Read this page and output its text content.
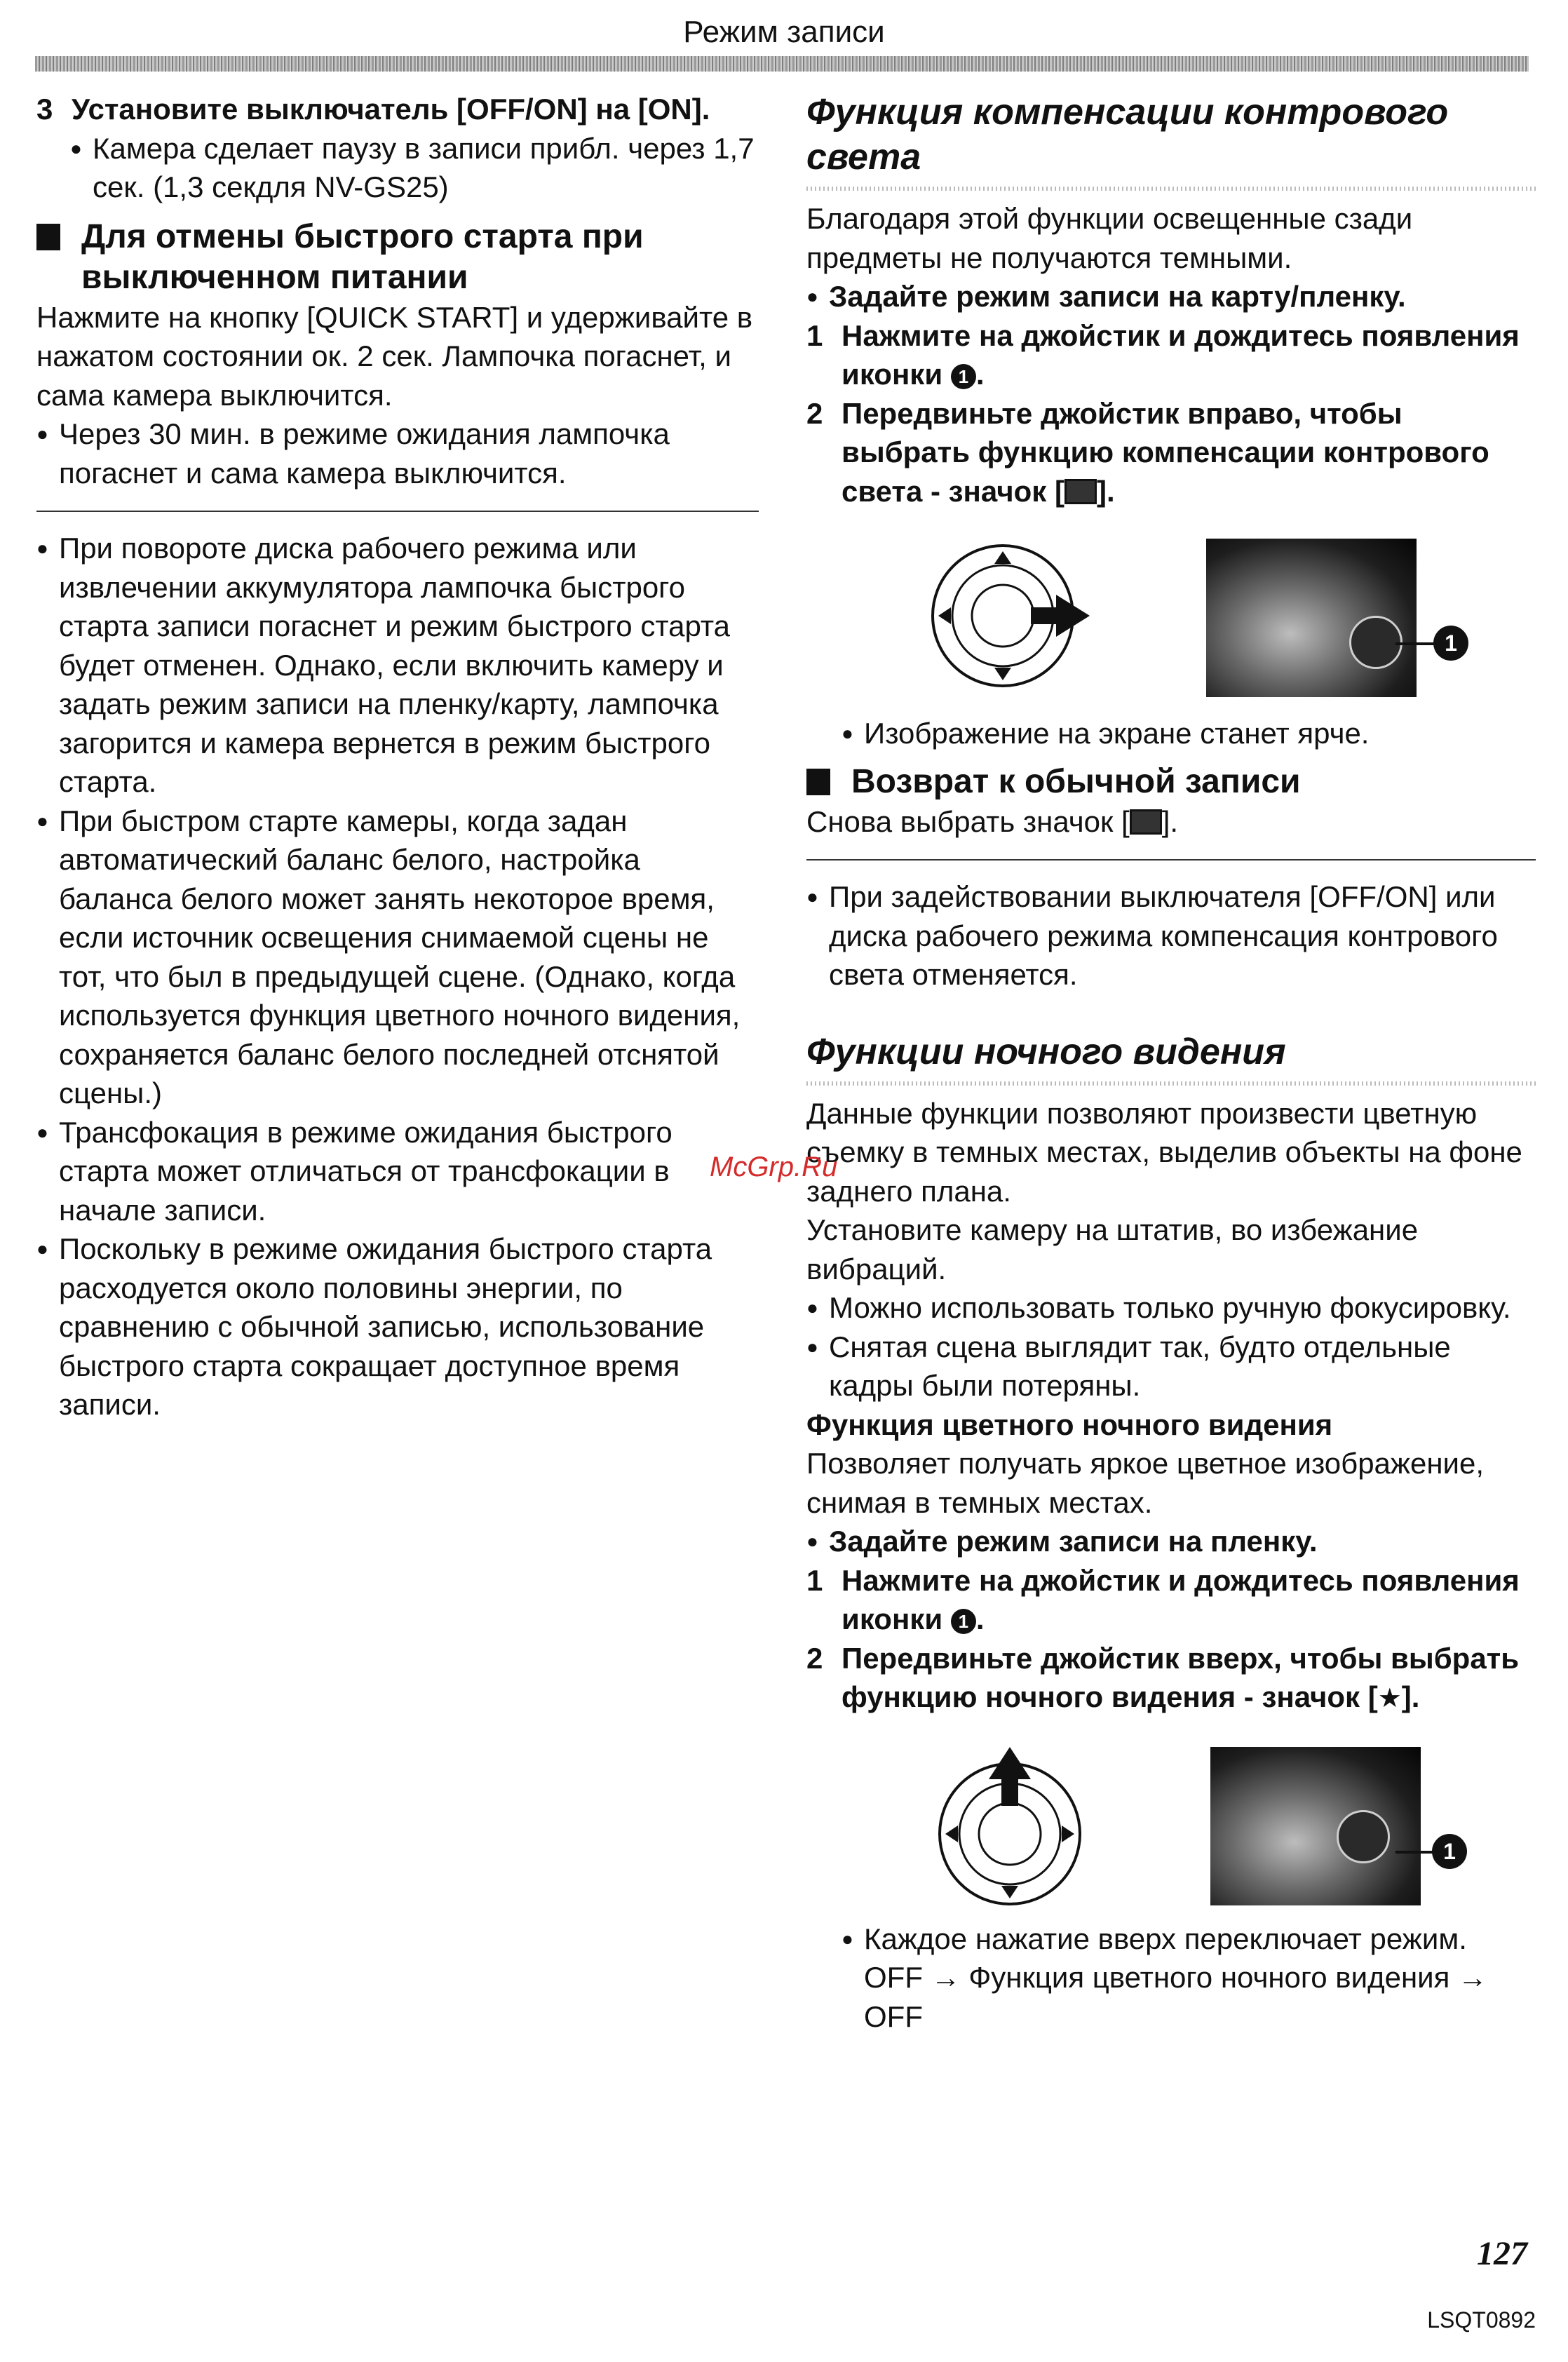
Режим записи
3 Установите выключатель [OFF/ON] на [ON].
● Камера сделает паузу в записи прибл. через 1,7 сек. (1,3 секдля NV-GS25)
Для отмены быстрого старта при выключенном питании

Нажмите на кнопку [QUICK START] и удерживайте в нажатом состоянии ок. 2 сек. Лампочка погаснет, и сама камера выключится.

● Через 30 мин. в режиме ожидания лампочка погаснет и сама камера выключится.
● При повороте диска рабочего режима или извлечении аккумулятора лампочка быстрого старта записи погаснет и режим быстрого старта будет отменен. Однако, если включить камеру и задать режим записи на пленку/карту, лампочка загорится и камера вернется в режим быстрого старта.
● При быстром старте камеры, когда задан автоматический баланс белого, настройка баланса белого может занять некоторое время, если источник освещения снимаемой сцены не тот, что был в предыдущей сцене. (Однако, когда используется функция цветного ночного видения, сохраняется баланс белого последней отснятой сцены.)
● Трансфокация в режиме ожидания быстрого старта может отличаться от трансфокации в начале записи.
● Поскольку в режиме ожидания быстрого старта расходуется около половины энергии, по сравнению с обычной записью, использование быстрого старта сокращает доступное время записи.

Функция компенсации контрового света

Благодаря этой функции освещенные сзади предметы не получаются темными.

● Задайте режим записи на карту/пленку.
1 Нажмите на джойстик и дождитесь появления иконки 1 .
2 Передвиньте джойстик вправо, чтобы выбрать функцию компенсации контрового света - значок [ ].
1
● Изображение на экране станет ярче.
Возврат к обычной записи

Снова выбрать значок [ ].

● При задействовании выключателя [OFF/ON] или диска рабочего режима компенсация контрового света отменяется.

Функции ночного видения

Данные функции позволяют произвести цветную съемку в темных местах, выделив объекты на фоне заднего плана.

Установите камеру на штатив, во избежание вибраций.

● Можно использовать только ручную фокусировку.
● Снятая сцена выглядит так, будто отдельные кадры были потеряны.

Функция цветного ночного видения

Позволяет получать яркое цветное изображение, снимая в темных местах.

● Задайте режим записи на пленку.
1 Нажмите на джойстик и дождитесь появления иконки 1 .
2 Передвиньте джойстик вверх, чтобы выбрать функцию ночного видения - значок [★].
1
● Каждое нажатие вверх переключает режим.

OFF → Функция цветного ночного видения → OFF

McGrp.Ru
127
LSQT0892
